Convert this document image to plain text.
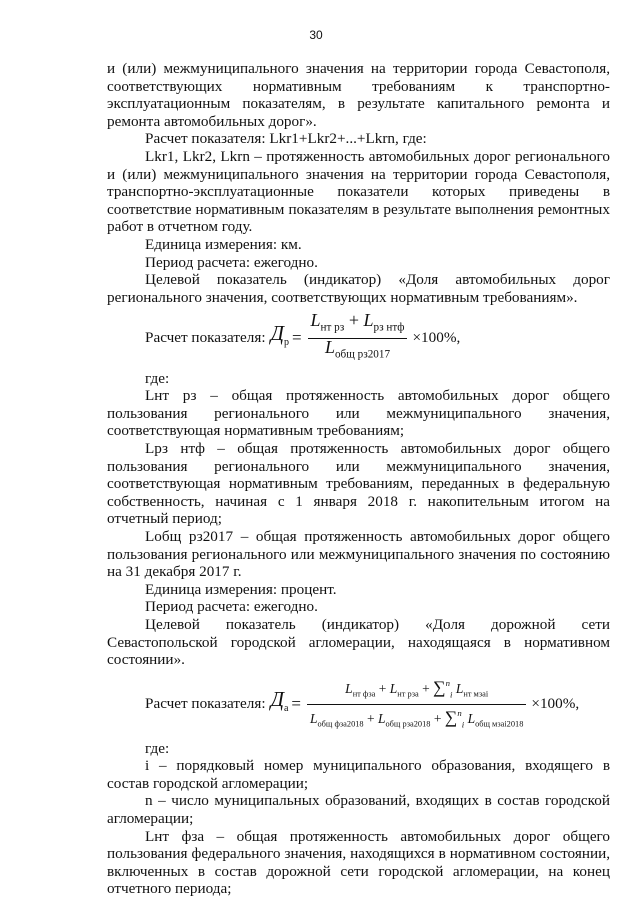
30

и (или) межмуниципального значения на территории города Севастополя, соответствующих нормативным требованиям к транспортно-эксплуатационным показателям, в результате капитального ремонта и ремонта автомобильных дорог».

Расчет показателя: Lkr1+Lkr2+...+Lkrn, где:

Lkr1, Lkr2, Lkrn – протяженность автомобильных дорог регионального и (или) межмуниципального значения на территории города Севастополя, транспортно-эксплуатационные показатели которых приведены в соответствие нормативным показателям в результате выполнения ремонтных работ в отчетном году.

Единица измерения: км.

Период расчета: ежегодно.

Целевой показатель (индикатор) «Доля автомобильных дорог регионального значения, соответствующих нормативным требованиям».

Расчет показателя: $Д_р = \frac{L_{нт рз} + L_{рз нтф}}{L_{общ рз2017}} \times 100\%$,

где:

Lнт рз – общая протяженность автомобильных дорог общего пользования регионального или межмуниципального значения, соответствующая нормативным требованиям;

Lрз нтф – общая протяженность автомобильных дорог общего пользования регионального или межмуниципального значения, соответствующая нормативным требованиям, переданных в федеральную собственность, начиная с 1 января 2018 г. накопительным итогом на отчетный период;

Lобщ рз2017 – общая протяженность автомобильных дорог общего пользования регионального или межмуниципального значения по состоянию на 31 декабря 2017 г.

Единица измерения: процент.

Период расчета: ежегодно.

Целевой показатель (индикатор) «Доля дорожной сети Севастопольской городской агломерации, находящаяся в нормативном состоянии».

Расчет показателя: $Д_а$ =
$L_{нт фза} + L_{нт рза} + \sum^n_i$ $L_{нт мзаi}$
$L_{общ фза2018} + L_{общ рза2018} + \sum^n_i$ $L_{общ мзаi2018}$
×100%,

где:

i – порядковый номер муниципального образования, входящего в состав городской агломерации;

n – число муниципальных образований, входящих в состав городской агломерации;

Lнт фза – общая протяженность автомобильных дорог общего пользования федерального значения, находящихся в нормативном состоянии, включенных в состав дорожной сети городской агломерации, на конец отчетного периода;
